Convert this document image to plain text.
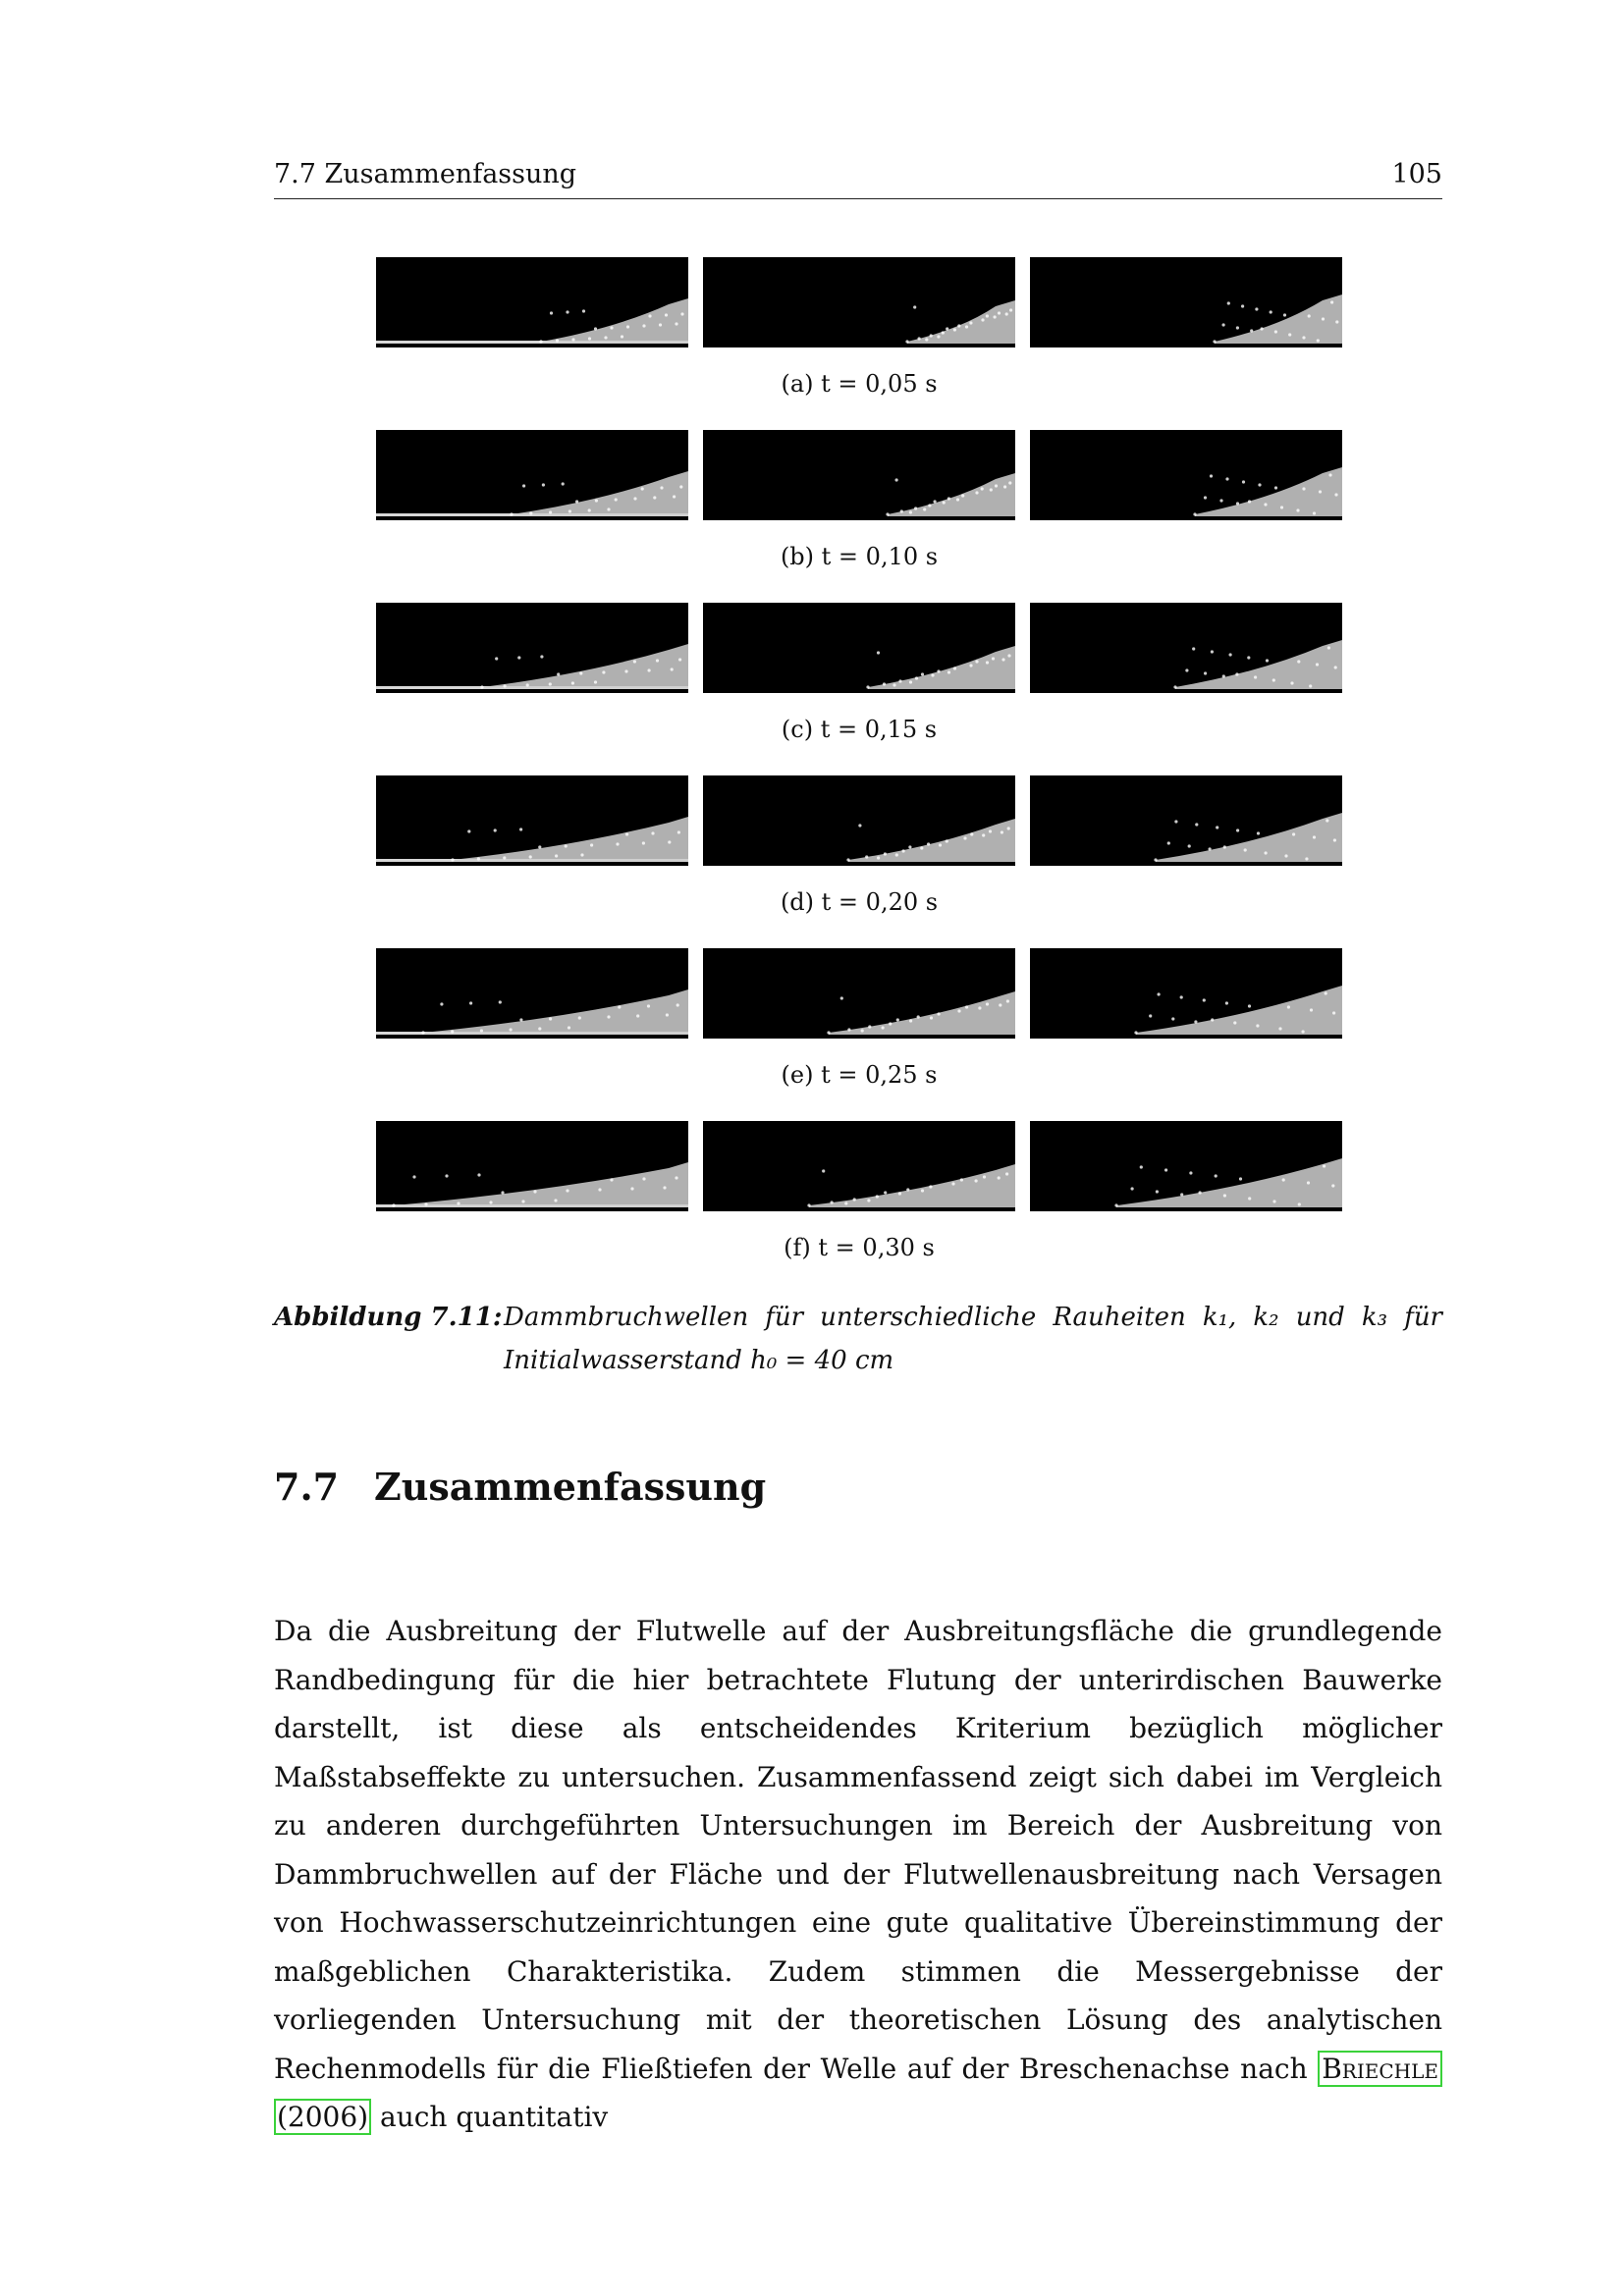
7.7 Zusammenfassung	105
(a) t = 0,05 s
(b) t = 0,10 s
(c) t = 0,15 s
(d) t = 0,20 s
(e) t = 0,25 s
(f) t = 0,30 s
Abbildung 7.11: Dammbruchwellen für unterschiedliche Rauheiten k₁, k₂ und k₃ für Initialwasserstand h₀ = 40 cm
7.7 Zusammenfassung
Da die Ausbreitung der Flutwelle auf der Ausbreitungsfläche die grundlegende Randbedingung für die hier betrachtete Flutung der unterirdischen Bauwerke darstellt, ist diese als entscheidendes Kriterium bezüglich möglicher Maßstabseffekte zu untersuchen. Zusammenfassend zeigt sich dabei im Vergleich zu anderen durchgeführten Untersuchungen im Bereich der Ausbreitung von Dammbruchwellen auf der Fläche und der Flutwellenausbreitung nach Versagen von Hochwasserschutzeinrichtungen eine gute qualitative Übereinstimmung der maßgeblichen Charakteristika. Zudem stimmen die Messergebnisse der vorliegenden Untersuchung mit der theoretischen Lösung des analytischen Rechenmodells für die Fließtiefen der Welle auf der Breschenachse nach Briechle (2006) auch quantitativ
